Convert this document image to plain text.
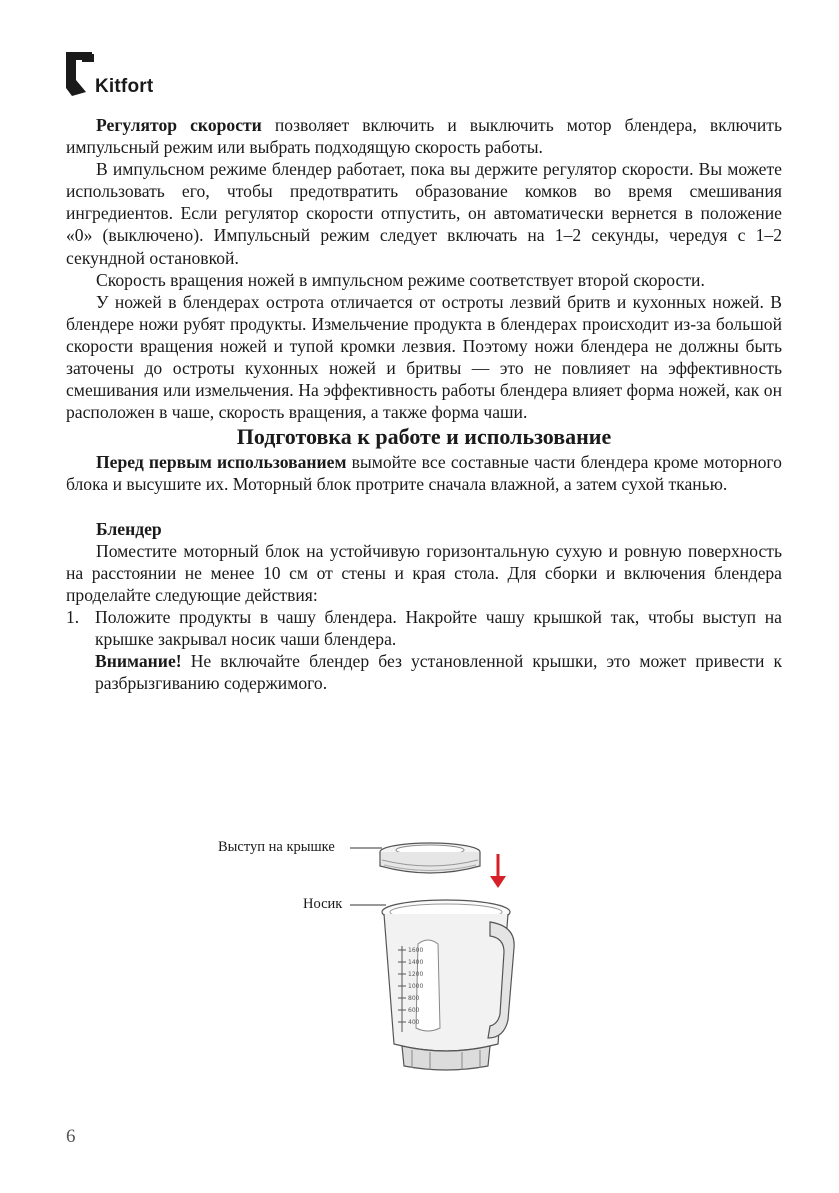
Kitfort

Регулятор скорости позволяет включить и выключить мотор блендера, включить импульсный режим или выбрать подходящую скорость работы.

В импульсном режиме блендер работает, пока вы держите регулятор скорости. Вы можете использовать его, чтобы предотвратить образование комков во время смешивания ингредиентов. Если регулятор скорости отпустить, он автоматически вернется в положение «0» (выключено). Импульсный режим следует включать на 1–2 секунды, чередуя с 1–2 секундной остановкой.

Скорость вращения ножей в импульсном режиме соответствует второй скорости.

У ножей в блендерах острота отличается от остроты лезвий бритв и кухонных ножей. В блендере ножи рубят продукты. Измельчение продукта в блендерах происходит из-за большой скорости вращения ножей и тупой кромки лезвия. Поэтому ножи блендера не должны быть заточены до остроты кухонных ножей и бритвы — это не повлияет на эффективность смешивания или измельчения. На эффективность работы блендера влияет форма ножей, как он расположен в чаше, скорость вращения, а также форма чаши.

Подготовка к работе и использование

Перед первым использованием вымойте все составные части блендера кроме моторного блока и высушите их. Моторный блок протрите сначала влажной, а затем сухой тканью.

Блендер

Поместите моторный блок на устойчивую горизонтальную сухую и ровную поверхность на расстоянии не менее 10 см от стены и края стола. Для сборки и включения блендера проделайте следующие действия:

1. Положите продукты в чашу блендера. Накройте чашу крышкой так, чтобы выступ на крышке закрывал носик чаши блендера.

Внимание! Не включайте блендер без установленной крышки, это может привести к разбрызгиванию содержимого.

Выступ на крышке
Носик
1600
1400
1200
1000
800
600
400
6
